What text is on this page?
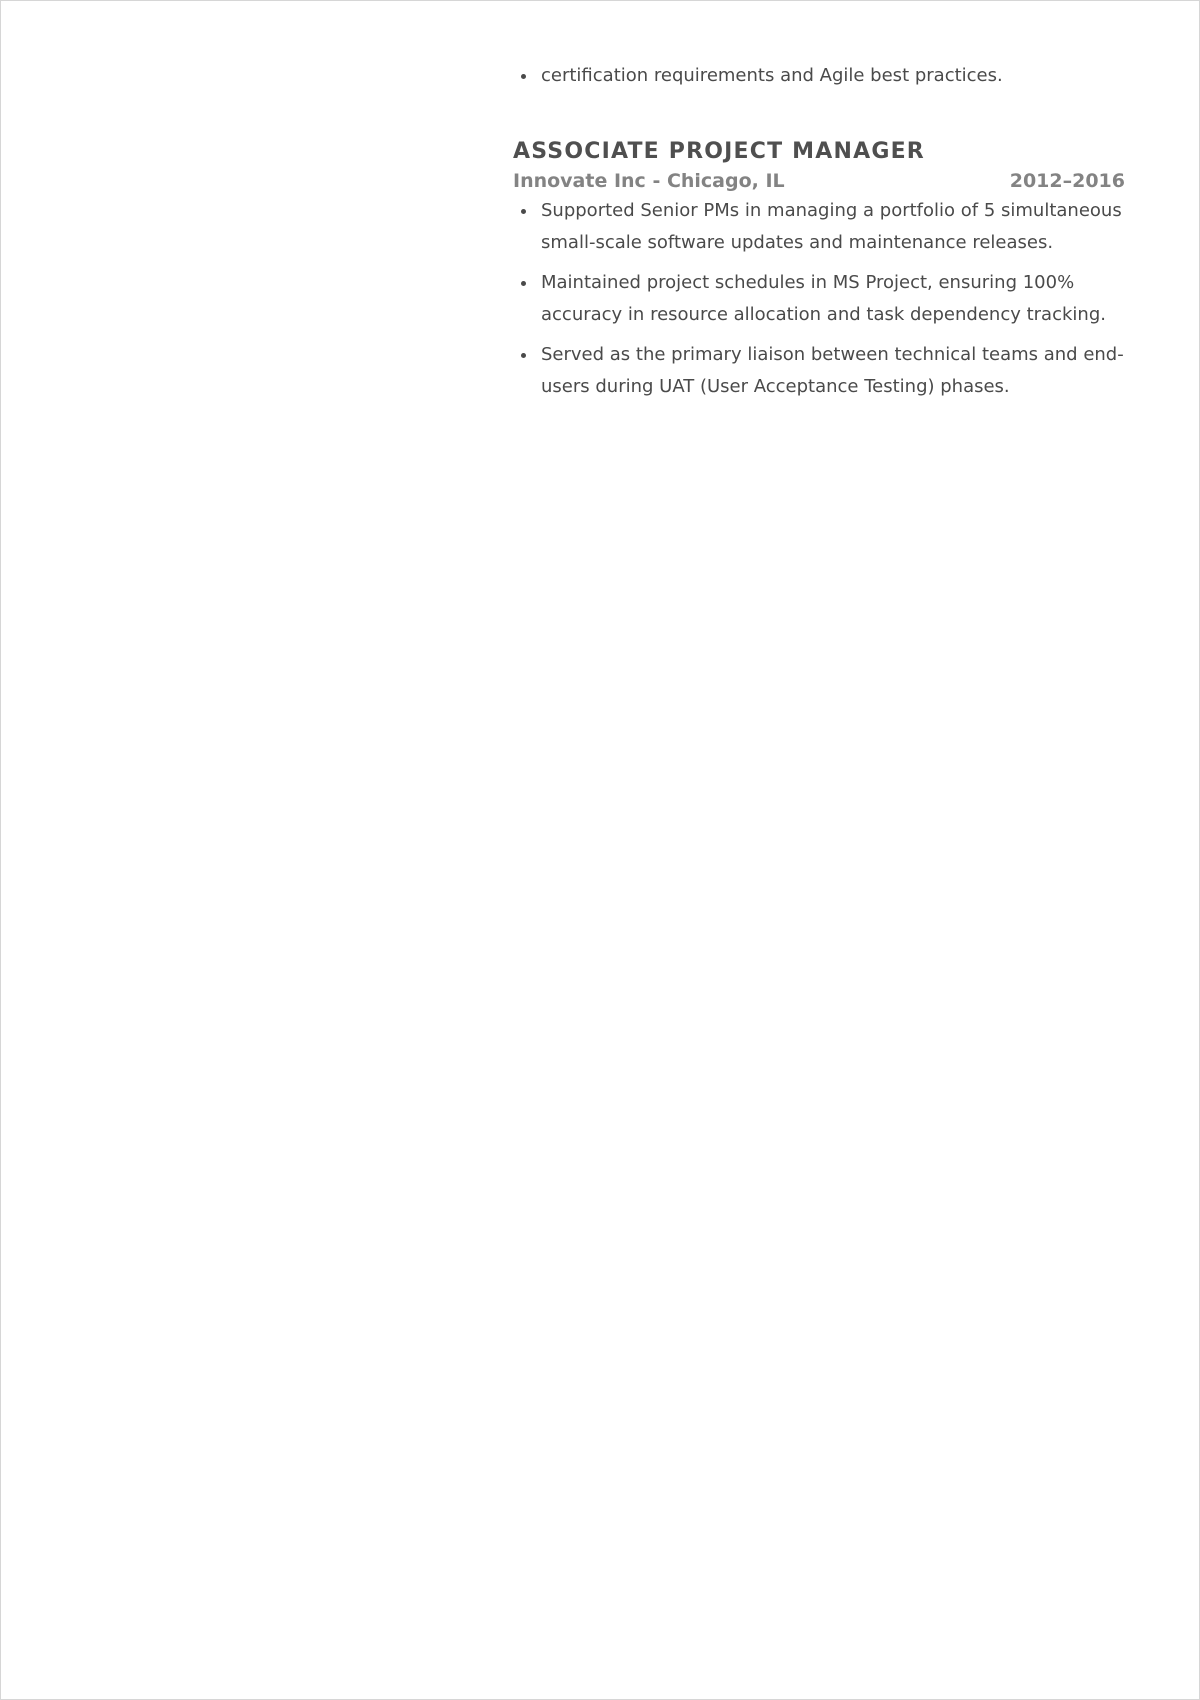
certification requirements and Agile best practices.
ASSOCIATE PROJECT MANAGER
Innovate Inc - Chicago, IL	2012–2016
Supported Senior PMs in managing a portfolio of 5 simultaneous small-scale software updates and maintenance releases.
Maintained project schedules in MS Project, ensuring 100% accuracy in resource allocation and task dependency tracking.
Served as the primary liaison between technical teams and end-users during UAT (User Acceptance Testing) phases.
